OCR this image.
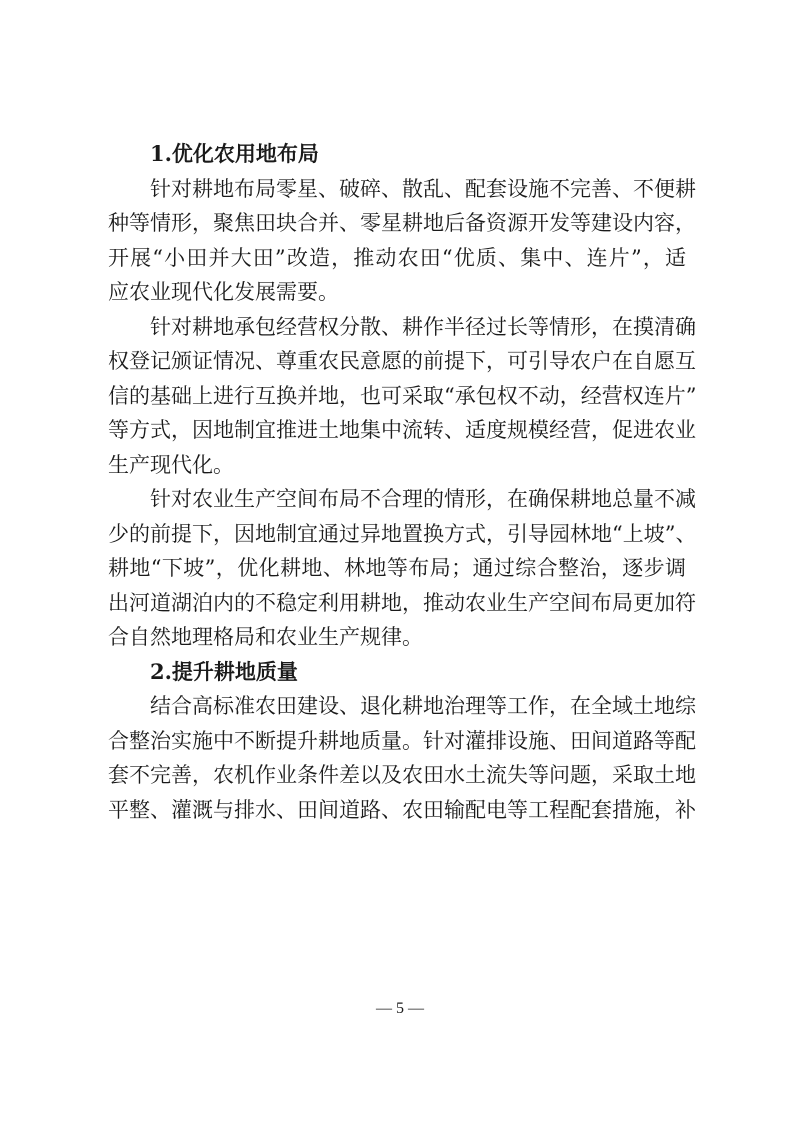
1.优化农用地布局
针对耕地布局零星、破碎、散乱、配套设施不完善、不便耕
种等情形，聚焦田块合并、零星耕地后备资源开发等建设内容，
开展“小田并大田”改造，推动农田“优质、集中、连片”，适
应农业现代化发展需要。
针对耕地承包经营权分散、耕作半径过长等情形，在摸清确
权登记颁证情况、尊重农民意愿的前提下，可引导农户在自愿互
信的基础上进行互换并地，也可采取“承包权不动，经营权连片”
等方式，因地制宜推进土地集中流转、适度规模经营，促进农业
生产现代化。
针对农业生产空间布局不合理的情形，在确保耕地总量不减
少的前提下，因地制宜通过异地置换方式，引导园林地“上坡”、
耕地“下坡”，优化耕地、林地等布局；通过综合整治，逐步调
出河道湖泊内的不稳定利用耕地，推动农业生产空间布局更加符
合自然地理格局和农业生产规律。
2.提升耕地质量
结合高标准农田建设、退化耕地治理等工作，在全域土地综
合整治实施中不断提升耕地质量。针对灌排设施、田间道路等配
套不完善，农机作业条件差以及农田水土流失等问题，采取土地
平整、灌溉与排水、田间道路、农田输配电等工程配套措施，补
— 5 —
